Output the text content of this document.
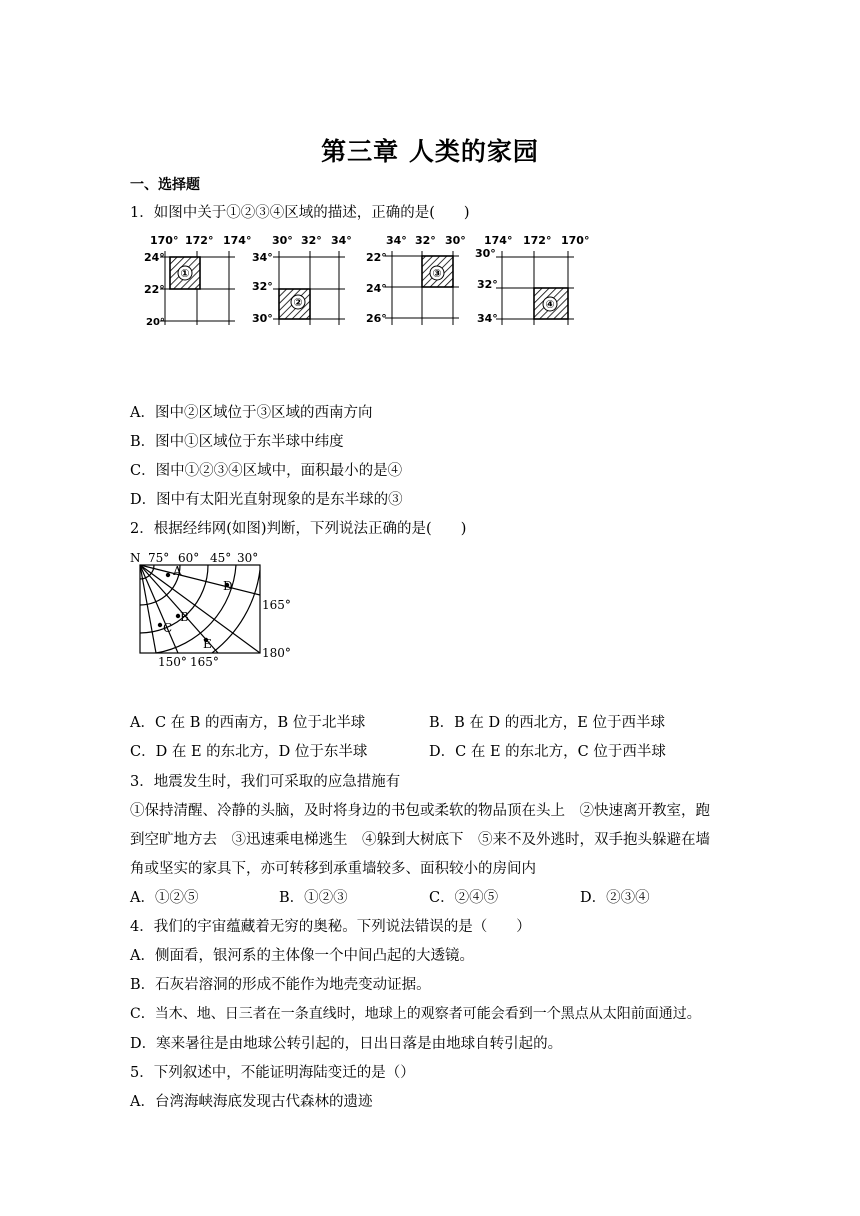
第三章 人类的家园
一、选择题
1．如图中关于①②③④区域的描述，正确的是(　　)
①
170° 172° 174°
24°
22°
20°
②
30° 32° 34°
34°
32°
30°
③
34° 32° 30°
22°
24°
26°
④
174° 172° 170°
30°
32°
34°
A．图中②区域位于③区域的西南方向
B．图中①区域位于东半球中纬度
C．图中①②③④区域中，面积最小的是④
D．图中有太阳光直射现象的是东半球的③
2．根据经纬网(如图)判断，下列说法正确的是(　　)
N 75° 60° 45° 30°
A
B
C
D
E
165°
180°
150° 165°
A．C 在 B 的西南方，B 位于北半球	B．B 在 D 的西北方，E 位于西半球
C．D 在 E 的东北方，D 位于东半球	D．C 在 E 的东北方，C 位于西半球
3．地震发生时，我们可采取的应急措施有
①保持清醒、冷静的头脑，及时将身边的书包或柔软的物品顶在头上　②快速离开教室，跑
到空旷地方去　③迅速乘电梯逃生　④躲到大树底下　⑤来不及外逃时，双手抱头躲避在墙
角或坚实的家具下，亦可转移到承重墙较多、面积较小的房间内
A．①②⑤	B．①②③	C．②④⑤	D．②③④
4．我们的宇宙蕴藏着无穷的奥秘。下列说法错误的是（　　）
A．侧面看，银河系的主体像一个中间凸起的大透镜。
B．石灰岩溶洞的形成不能作为地壳变动证据。
C．当木、地、日三者在一条直线时，地球上的观察者可能会看到一个黑点从太阳前面通过。
D．寒来暑往是由地球公转引起的，日出日落是由地球自转引起的。
5．下列叙述中，不能证明海陆变迁的是（）
A．台湾海峡海底发现古代森林的遗迹
